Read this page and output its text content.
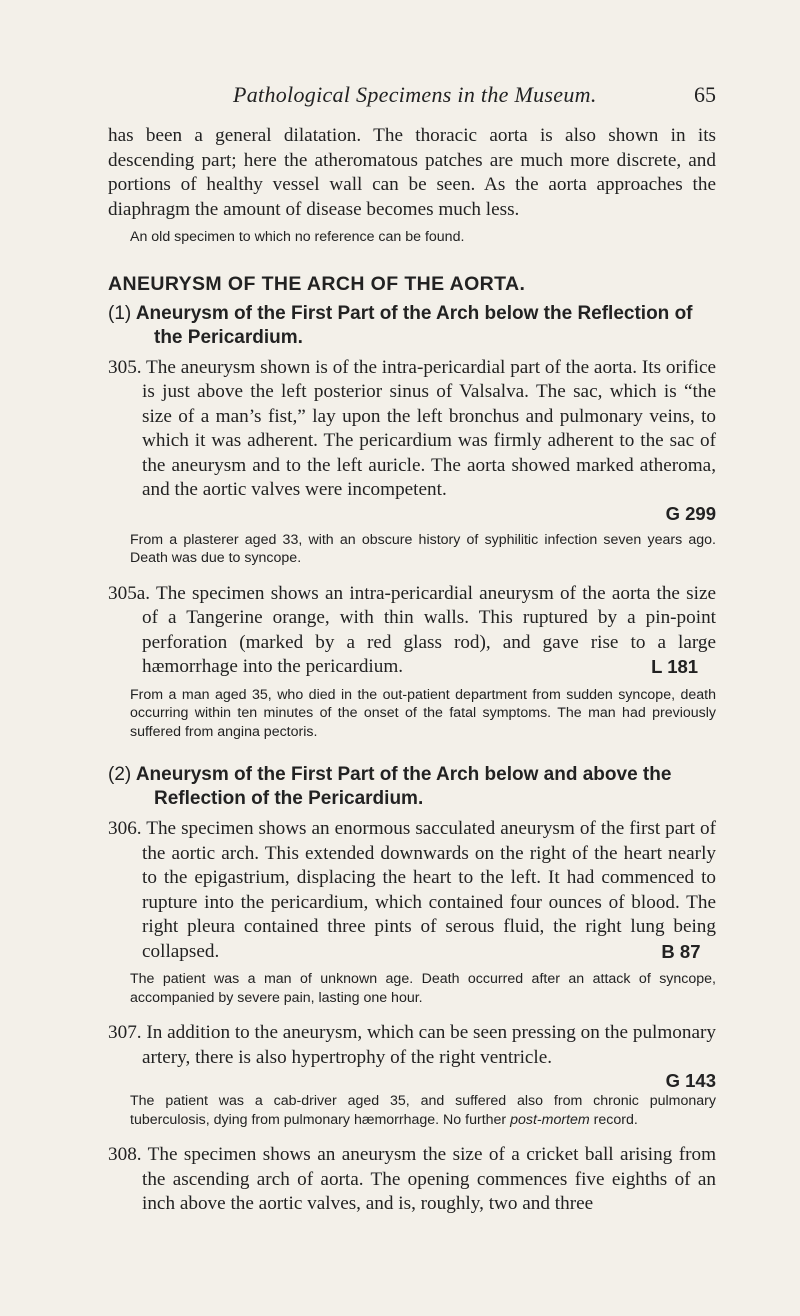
Pathological Specimens in the Museum.	65

has been a general dilatation. The thoracic aorta is also shown in its descending part; here the atheromatous patches are much more discrete, and portions of healthy vessel wall can be seen. As the aorta approaches the diaphragm the amount of disease becomes much less.

An old specimen to which no reference can be found.

ANEURYSM OF THE ARCH OF THE AORTA.

(1) Aneurysm of the First Part of the Arch below the Reflection of the Pericardium.

305. The aneurysm shown is of the intra-pericardial part of the aorta. Its orifice is just above the left posterior sinus of Valsalva. The sac, which is “the size of a man’s fist,” lay upon the left bronchus and pulmonary veins, to which it was adherent. The pericardium was firmly adherent to the sac of the aneurysm and to the left auricle. The aorta showed marked atheroma, and the aortic valves were incompetent.

G 299

From a plasterer aged 33, with an obscure history of syphilitic infection seven years ago. Death was due to syncope.

305a. The specimen shows an intra-pericardial aneurysm of the aorta the size of a Tangerine orange, with thin walls. This ruptured by a pin-point perforation (marked by a red glass rod), and gave rise to a large hæmorrhage into the pericardium.	L 181

From a man aged 35, who died in the out-patient department from sudden syncope, death occurring within ten minutes of the onset of the fatal symptoms. The man had previously suffered from angina pectoris.

(2) Aneurysm of the First Part of the Arch below and above the Reflection of the Pericardium.

306. The specimen shows an enormous sacculated aneurysm of the first part of the aortic arch. This extended downwards on the right of the heart nearly to the epigastrium, displacing the heart to the left. It had commenced to rupture into the pericardium, which contained four ounces of blood. The right pleura contained three pints of serous fluid, the right lung being collapsed.	B 87

The patient was a man of unknown age. Death occurred after an attack of syncope, accompanied by severe pain, lasting one hour.

307. In addition to the aneurysm, which can be seen pressing on the pulmonary artery, there is also hypertrophy of the right ventricle.

G 143

The patient was a cab-driver aged 35, and suffered also from chronic pulmonary tuberculosis, dying from pulmonary hæmorrhage. No further post-mortem record.

308. The specimen shows an aneurysm the size of a cricket ball arising from the ascending arch of aorta. The opening commences five eighths of an inch above the aortic valves, and is, roughly, two and three
